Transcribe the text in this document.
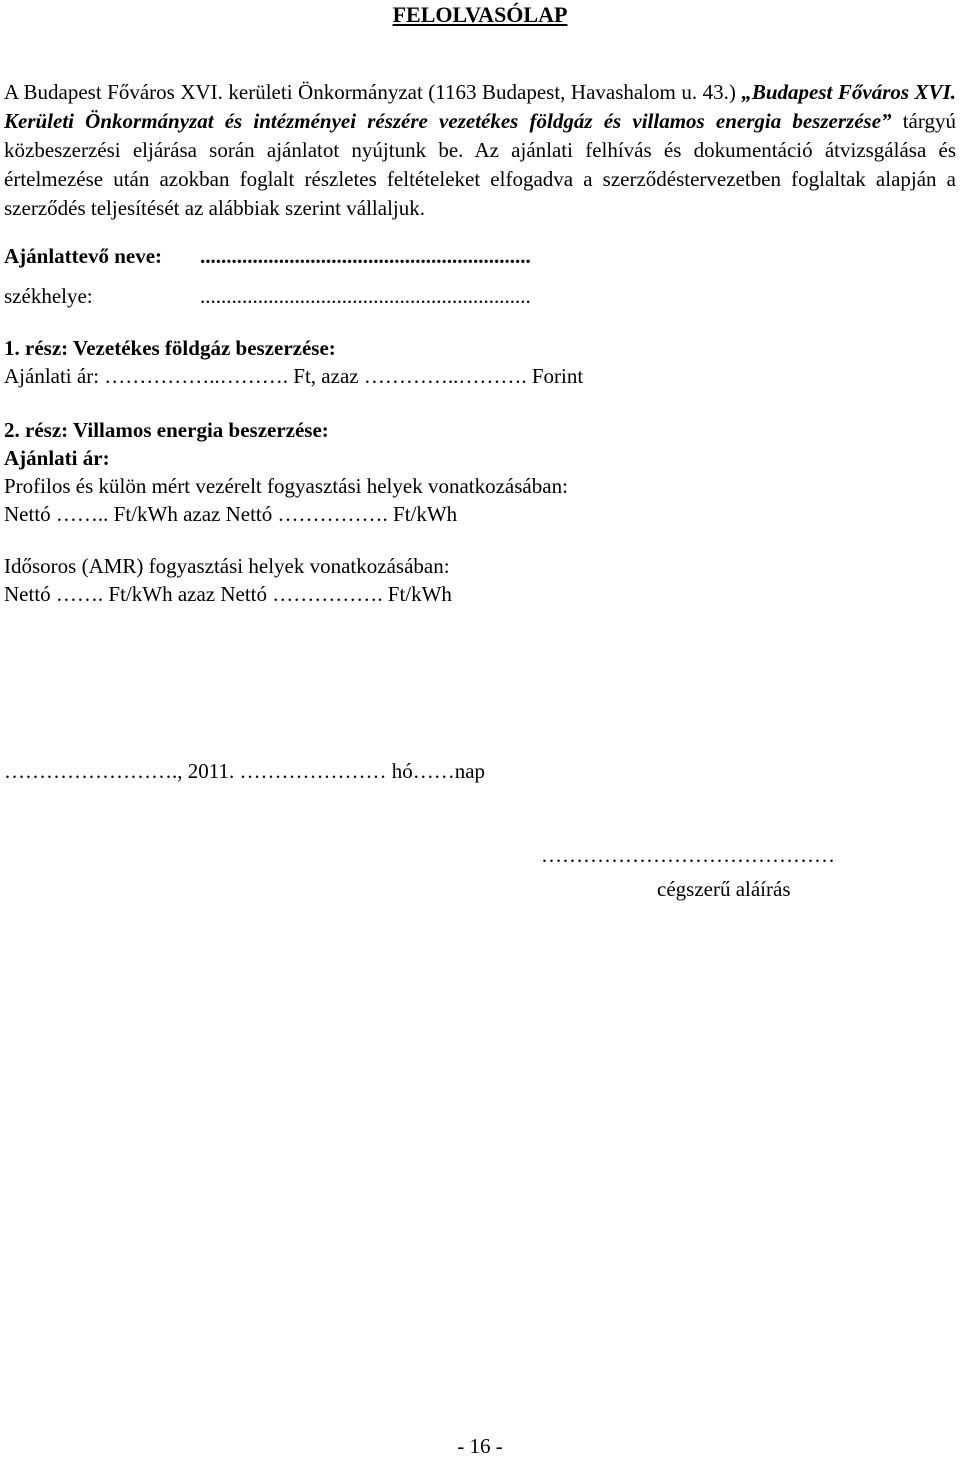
FELOLVASÓLAP
A Budapest Főváros XVI. kerületi Önkormányzat (1163 Budapest, Havashalom u. 43.) „Budapest Főváros XVI. Kerületi Önkormányzat és intézményei részére vezetékes földgáz és villamos energia beszerzése” tárgyú közbeszerzési eljárása során ajánlatot nyújtunk be. Az ajánlati felhívás és dokumentáció átvizsgálása és értelmezése után azokban foglalt részletes feltételeket elfogadva a szerződéstervezetben foglaltak alapján a szerződés teljesítését az alábbiak szerint vállaljuk.
Ajánlattevő neve: ...............................................................
székhelye:	...............................................................
1. rész: Vezetékes földgáz beszerzése:
Ajánlati ár: ……………..………. Ft, azaz …………..………. Forint
2. rész: Villamos energia beszerzése:
Ajánlati ár:
Profilos és külön mért vezérelt fogyasztási helyek vonatkozásában:
Nettó …….. Ft/kWh azaz Nettó ……………. Ft/kWh
Idősoros (AMR) fogyasztási helyek vonatkozásában:
Nettó ……. Ft/kWh azaz Nettó ……………. Ft/kWh
……………………., 2011. ………………… hó……nap
……………………………………
cégszerű aláírás
- 16 -
